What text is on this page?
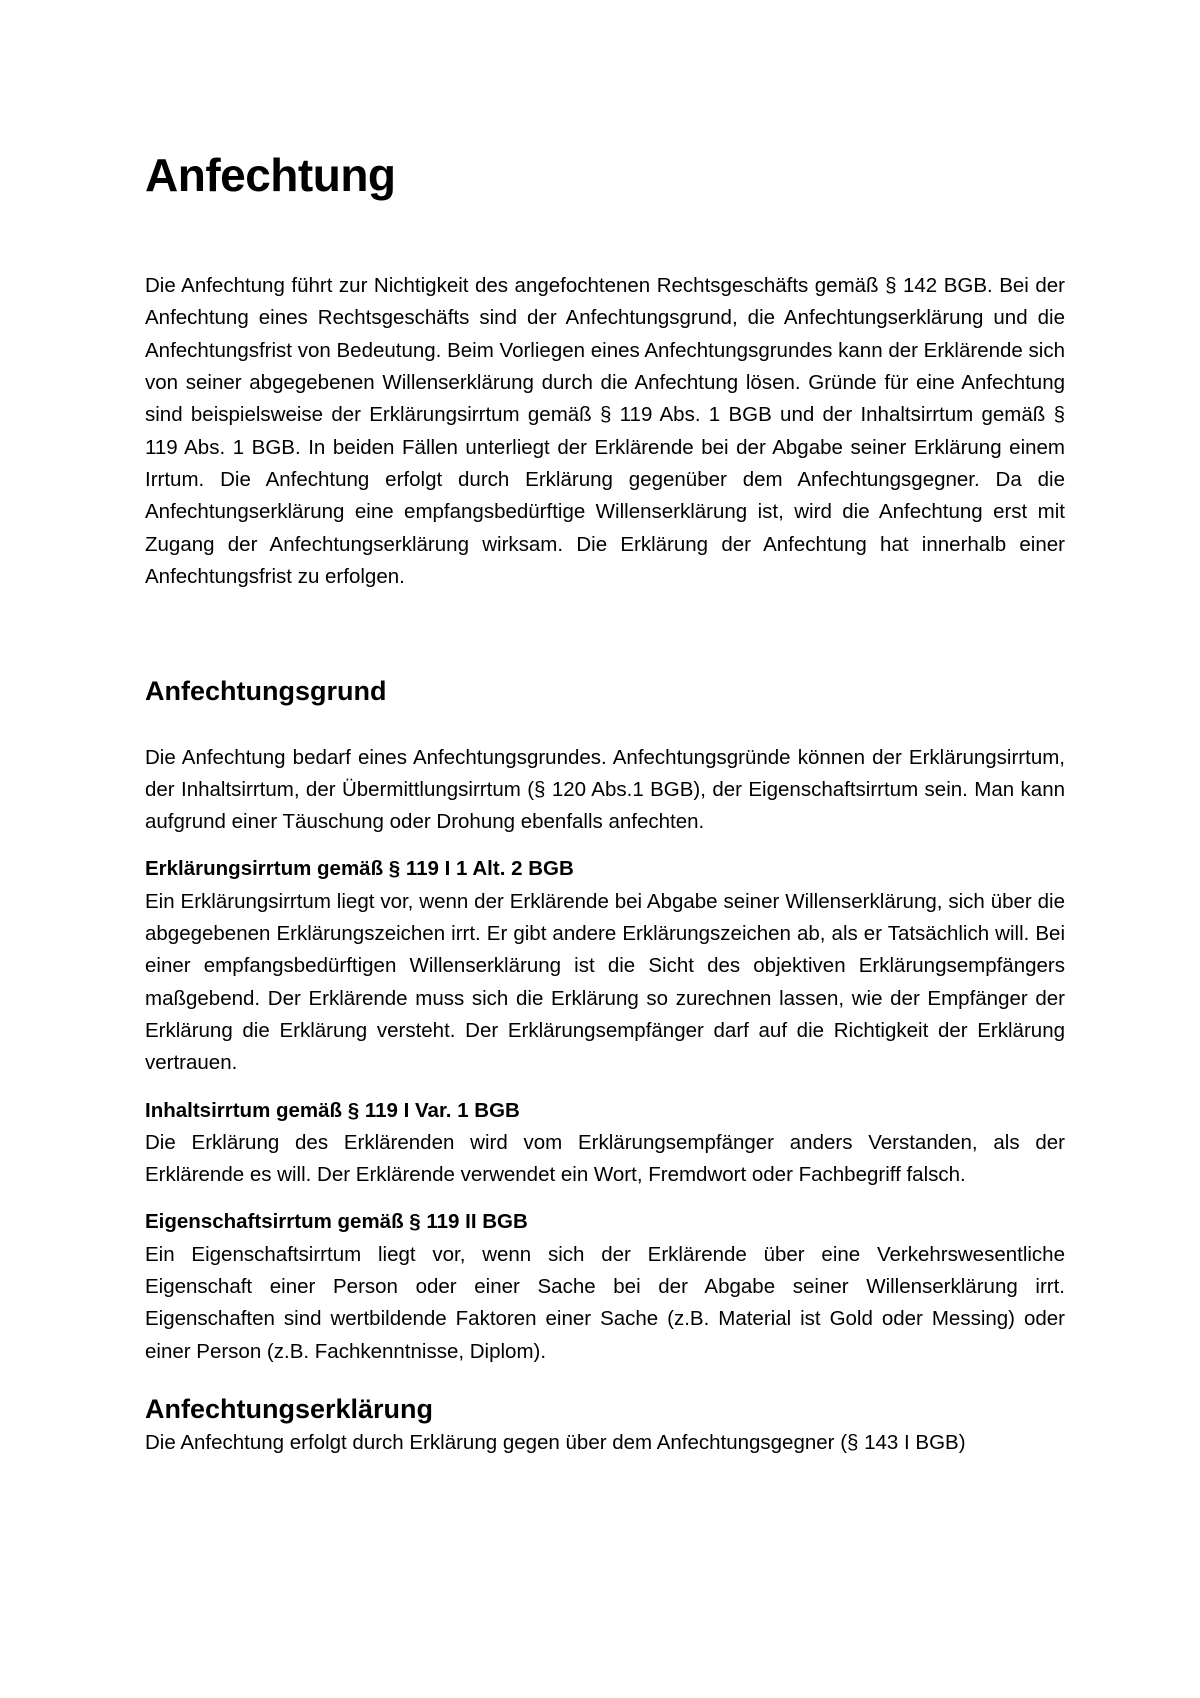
Anfechtung

Die Anfechtung führt zur Nichtigkeit des angefochtenen Rechtsgeschäfts gemäß § 142 BGB. Bei der Anfechtung eines Rechtsgeschäfts sind der Anfechtungsgrund, die Anfechtungserklärung und die Anfechtungsfrist von Bedeutung. Beim Vorliegen eines Anfechtungsgrundes kann der Erklärende sich von seiner abgegebenen Willenserklärung durch die Anfechtung lösen. Gründe für eine Anfechtung sind beispielsweise der Erklärungsirrtum gemäß § 119 Abs. 1 BGB und der Inhaltsirrtum gemäß § 119 Abs. 1 BGB. In beiden Fällen unterliegt der Erklärende bei der Abgabe seiner Erklärung einem Irrtum. Die Anfechtung erfolgt durch Erklärung gegenüber dem Anfechtungsgegner. Da die Anfechtungserklärung eine empfangsbedürftige Willenserklärung ist, wird die Anfechtung erst mit Zugang der Anfechtungserklärung wirksam. Die Erklärung der Anfechtung hat innerhalb einer Anfechtungsfrist zu erfolgen.

Anfechtungsgrund

Die Anfechtung bedarf eines Anfechtungsgrundes. Anfechtungsgründe können der Erklärungsirrtum, der Inhaltsirrtum, der Übermittlungsirrtum (§ 120 Abs.1 BGB), der Eigenschaftsirrtum sein. Man kann aufgrund einer Täuschung oder Drohung ebenfalls anfechten.

Erklärungsirrtum gemäß § 119 I 1 Alt. 2 BGB

Ein Erklärungsirrtum liegt vor, wenn der Erklärende bei Abgabe seiner Willenserklärung, sich über die abgegebenen Erklärungszeichen irrt. Er gibt andere Erklärungszeichen ab, als er Tatsächlich will. Bei einer empfangsbedürftigen Willenserklärung ist die Sicht des objektiven Erklärungsempfängers maßgebend. Der Erklärende muss sich die Erklärung so zurechnen lassen, wie der Empfänger der Erklärung die Erklärung versteht. Der Erklärungsempfänger darf auf die Richtigkeit der Erklärung vertrauen.

Inhaltsirrtum gemäß § 119 I Var. 1 BGB

Die Erklärung des Erklärenden wird vom Erklärungsempfänger anders Verstanden, als der Erklärende es will. Der Erklärende verwendet ein Wort, Fremdwort oder Fachbegriff falsch.

Eigenschaftsirrtum gemäß § 119 II BGB

Ein Eigenschaftsirrtum liegt vor, wenn sich der Erklärende über eine Verkehrswesentliche Eigenschaft einer Person oder einer Sache bei der Abgabe seiner Willenserklärung irrt. Eigenschaften sind wertbildende Faktoren einer Sache (z.B. Material ist Gold oder Messing) oder einer Person (z.B. Fachkenntnisse, Diplom).

Anfechtungserklärung

Die Anfechtung erfolgt durch Erklärung gegen über dem Anfechtungsgegner (§ 143 I BGB)
